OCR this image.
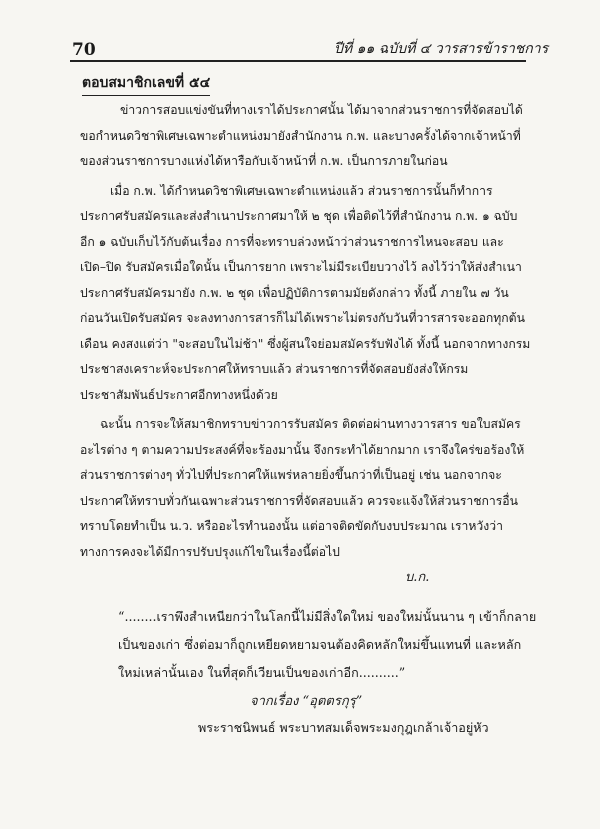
70	ปีที่ ๑๑ ฉบับที่ ๔ วารสารข้าราชการ
ตอบสมาชิกเลขที่ ๕๔

ข่าวการสอบแข่งขันที่ทางเราได้ประกาศนั้น ได้มาจากส่วนราชการที่จัดสอบได้ขอกำหนดวิชาพิเศษเฉพาะตำแหน่งมายังสำนักงาน ก.พ. และบางครั้งได้จากเจ้าหน้าที่ของส่วนราชการบางแห่งได้หารือกับเจ้าหน้าที่ ก.พ. เป็นการภายในก่อน

เมื่อ ก.พ. ได้กำหนดวิชาพิเศษเฉพาะตำแหน่งแล้ว ส่วนราชการนั้นก็ทำการประกาศรับสมัครและส่งสำเนาประกาศมาให้ ๒ ชุด เพื่อติดไว้ที่สำนักงาน ก.พ. ๑ ฉบับ อีก ๑ ฉบับเก็บไว้กับต้นเรื่อง การที่จะทราบล่วงหน้าว่าส่วนราชการไหนจะสอบ และ เปิด–ปิด รับสมัครเมื่อใดนั้น เป็นการยาก เพราะไม่มีระเบียบวางไว้ ลงไว้ว่าให้ส่งสำเนาประกาศรับสมัครมายัง ก.พ. ๒ ชุด เพื่อปฏิบัติการตามมัยดังกล่าว ทั้งนี้ ภายใน ๗ วัน ก่อนวันเปิดรับสมัคร จะลงทางการสารก็ไม่ได้เพราะไม่ตรงกับวันที่วารสารจะออกทุกต้นเดือน คงสงแต่ว่า "จะสอบในไม่ช้า" ซึ่งผู้สนใจย่อมสมัครรับฟังได้ ทั้งนี้ นอกจากทางกรมประชาสงเคราะห์จะประกาศให้ทราบแล้ว ส่วนราชการที่จัดสอบยังส่งให้กรมประชาสัมพันธ์ประกาศอีกทางหนึ่งด้วย

ฉะนั้น การจะให้สมาชิกทราบข่าวการรับสมัคร ติดต่อผ่านทางวารสาร ขอใบสมัครอะไรต่าง ๆ ตามความประสงค์ที่จะร้องมานั้น จึงกระทำได้ยากมาก เราจึงใคร่ขอร้องให้ส่วนราชการต่างๆ ทั่วไปที่ประกาศให้แพร่หลายยิ่งขึ้นกว่าที่เป็นอยู่ เช่น นอกจากจะประกาศให้ทราบทั่วกันเฉพาะส่วนราชการที่จัดสอบแล้ว ควรจะแจ้งให้ส่วนราชการอื่นทราบโดยทำเป็น น.ว. หรืออะไรทำนองนั้น แต่อาจติดขัดกับงบประมาณ เราหวังว่าทางการคงจะได้มีการปรับปรุงแก้ไขในเรื่องนี้ต่อไป

บ.ก.
“........เราพึงสำเหนียกว่าในโลกนี้ไม่มีสิ่งใดใหม่ ของใหม่นั้นนาน ๆ เข้าก็กลายเป็นของเก่า ซึ่งต่อมาก็ถูกเหยียดหยามจนต้องคิดหลักใหม่ขึ้นแทนที่ และหลักใหม่เหล่านั้นเอง ในที่สุดก็เวียนเป็นของเก่าอีก..........”
จากเรื่อง “อุตตรกุรุ”
พระราชนิพนธ์ พระบาทสมเด็จพระมงกุฎเกล้าเจ้าอยู่หัว
